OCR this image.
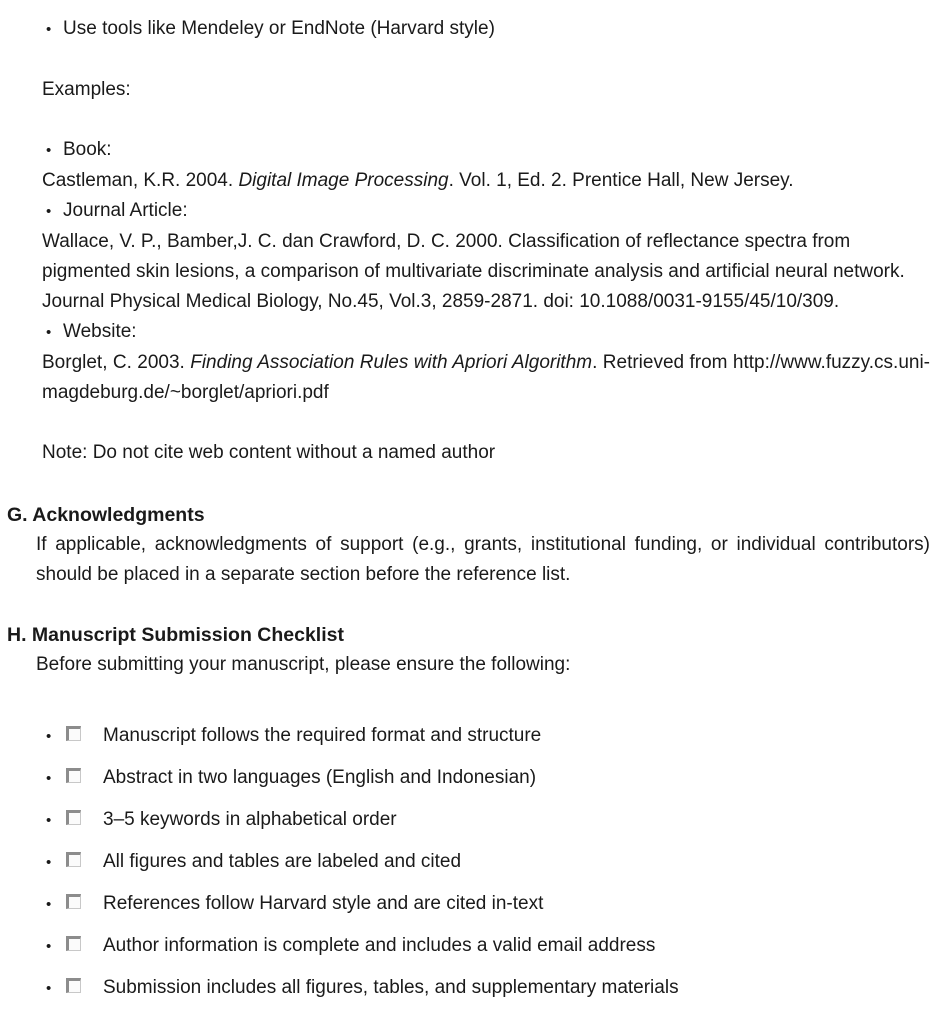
• Use tools like Mendeley or EndNote (Harvard style)
Examples:
• Book:

Castleman, K.R. 2004. Digital Image Processing. Vol. 1, Ed. 2. Prentice Hall, New Jersey.

• Journal Article:

Wallace, V. P., Bamber,J. C. dan Crawford, D. C. 2000. Classification of reflectance spectra from pigmented skin lesions, a comparison of multivariate discriminate analysis and artificial neural network. Journal Physical Medical Biology, No.45, Vol.3, 2859-2871. doi: 10.1088/0031-9155/45/10/309.

• Website:

Borglet, C. 2003. Finding Association Rules with Apriori Algorithm. Retrieved from http://www.fuzzy.cs.uni-magdeburg.de/~borglet/apriori.pdf

Note: Do not cite web content without a named author
G. Acknowledgments

If applicable, acknowledgments of support (e.g., grants, institutional funding, or individual contributors) should be placed in a separate section before the reference list.

H. Manuscript Submission Checklist

Before submitting your manuscript, please ensure the following:

•	Manuscript follows the required format and structure
•	Abstract in two languages (English and Indonesian)
•	3–5 keywords in alphabetical order
•	All figures and tables are labeled and cited
•	References follow Harvard style and are cited in-text
•	Author information is complete and includes a valid email address
•	Submission includes all figures, tables, and supplementary materials
